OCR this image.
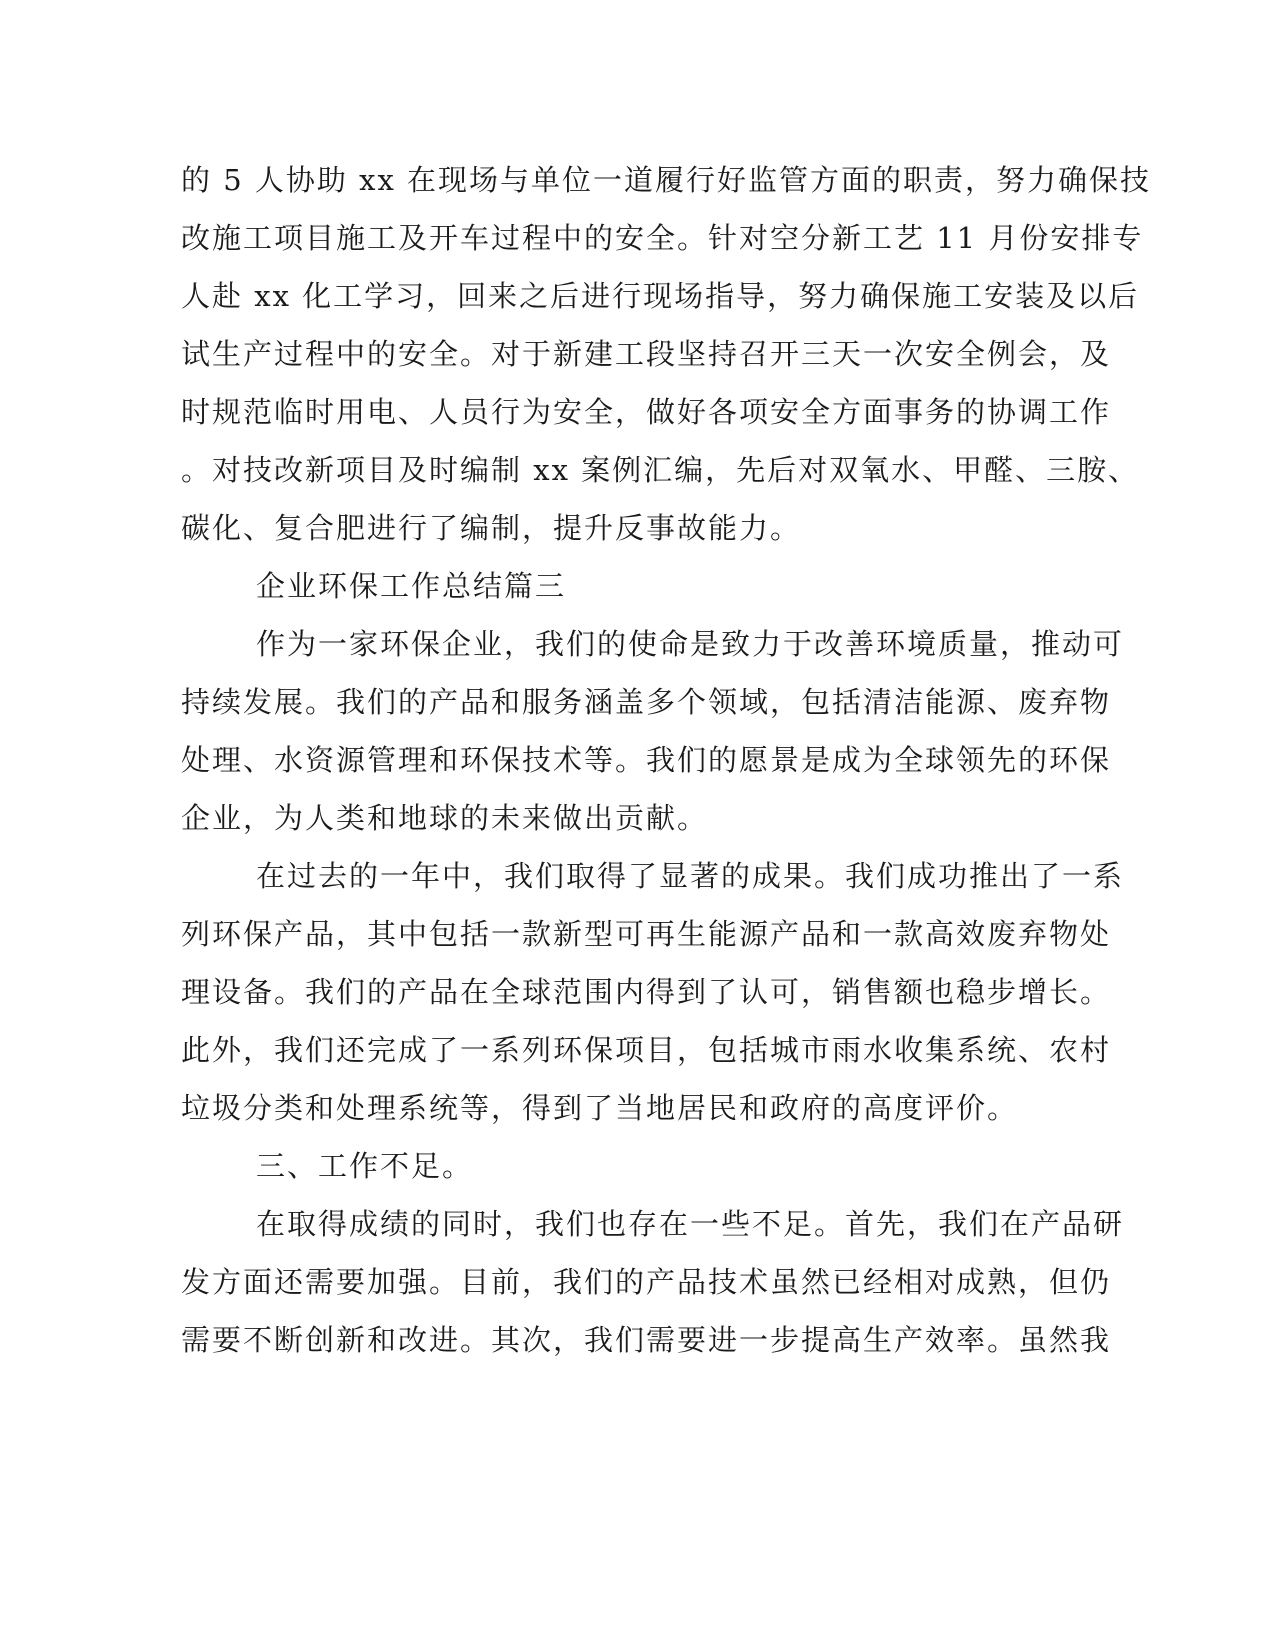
的 5 人协助 xx 在现场与单位一道履行好监管方面的职责，努力确保技
改施工项目施工及开车过程中的安全。针对空分新工艺 11 月份安排专
人赴 xx 化工学习，回来之后进行现场指导，努力确保施工安装及以后
试生产过程中的安全。对于新建工段坚持召开三天一次安全例会，及
时规范临时用电、人员行为安全，做好各项安全方面事务的协调工作
。对技改新项目及时编制 xx 案例汇编，先后对双氧水、甲醛、三胺、
碳化、复合肥进行了编制，提升反事故能力。
企业环保工作总结篇三
作为一家环保企业，我们的使命是致力于改善环境质量，推动可
持续发展。我们的产品和服务涵盖多个领域，包括清洁能源、废弃物
处理、水资源管理和环保技术等。我们的愿景是成为全球领先的环保
企业，为人类和地球的未来做出贡献。
在过去的一年中，我们取得了显著的成果。我们成功推出了一系
列环保产品，其中包括一款新型可再生能源产品和一款高效废弃物处
理设备。我们的产品在全球范围内得到了认可，销售额也稳步增长。
此外，我们还完成了一系列环保项目，包括城市雨水收集系统、农村
垃圾分类和处理系统等，得到了当地居民和政府的高度评价。
三、工作不足。
在取得成绩的同时，我们也存在一些不足。首先，我们在产品研
发方面还需要加强。目前，我们的产品技术虽然已经相对成熟，但仍
需要不断创新和改进。其次，我们需要进一步提高生产效率。虽然我
